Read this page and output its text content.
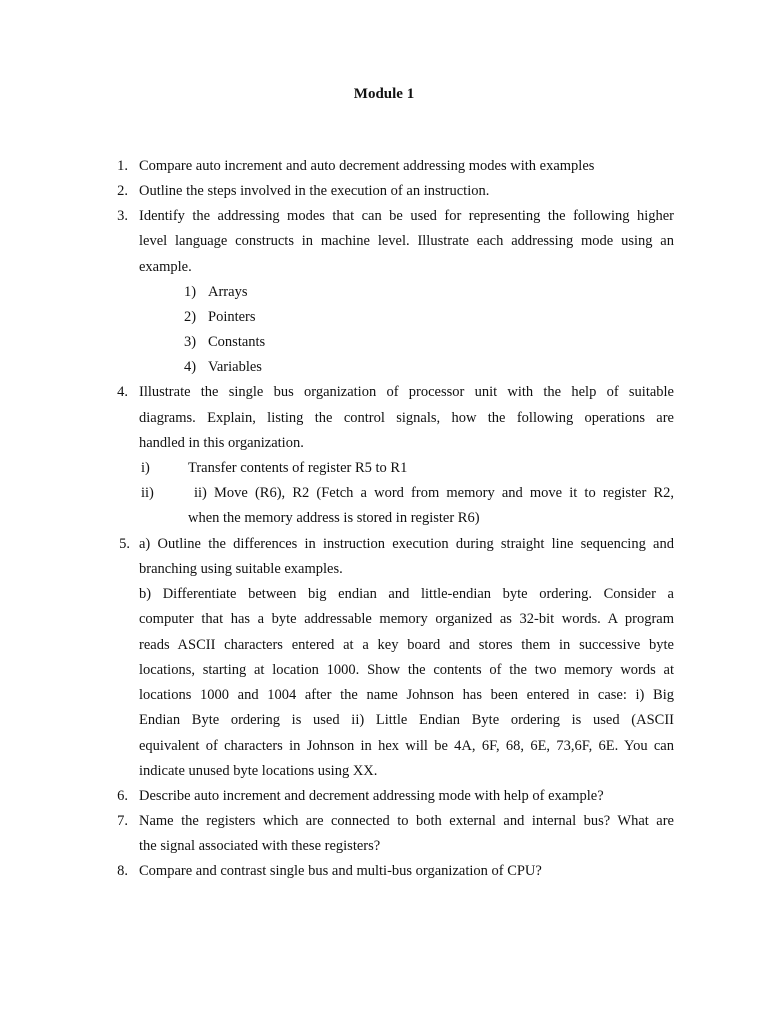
Module 1
1. Compare auto increment and auto decrement addressing modes with examples
2. Outline the steps involved in the execution of an instruction.
3. Identify the addressing modes that can be used for representing the following higher
level language constructs in machine level. Illustrate each addressing mode using an
example.
1) Arrays
2) Pointers
3) Constants
4) Variables
4. Illustrate the single bus organization of processor unit with the help of suitable
diagrams. Explain, listing the control signals, how the following operations are
handled in this organization.
i)	Transfer contents of register R5 to R1
ii)	ii) Move (R6), R2 (Fetch a word from memory and move it to register R2,
when the memory address is stored in register R6)
5. a) Outline the differences in instruction execution during straight line sequencing and
branching using suitable examples.
b) Differentiate between big endian and little-endian byte ordering. Consider a
computer that has a byte addressable memory organized as 32-bit words. A program
reads ASCII characters entered at a key board and stores them in successive byte
locations, starting at location 1000. Show the contents of the two memory words at
locations 1000 and 1004 after the name Johnson has been entered in case: i) Big
Endian Byte ordering is used ii) Little Endian Byte ordering is used (ASCII
equivalent of characters in Johnson in hex will be 4A, 6F, 68, 6E, 73,6F, 6E. You can
indicate unused byte locations using XX.
6. Describe auto increment and decrement addressing mode with help of example?
7. Name the registers which are connected to both external and internal bus? What are
the signal associated with these registers?
8. Compare and contrast single bus and multi-bus organization of CPU?
